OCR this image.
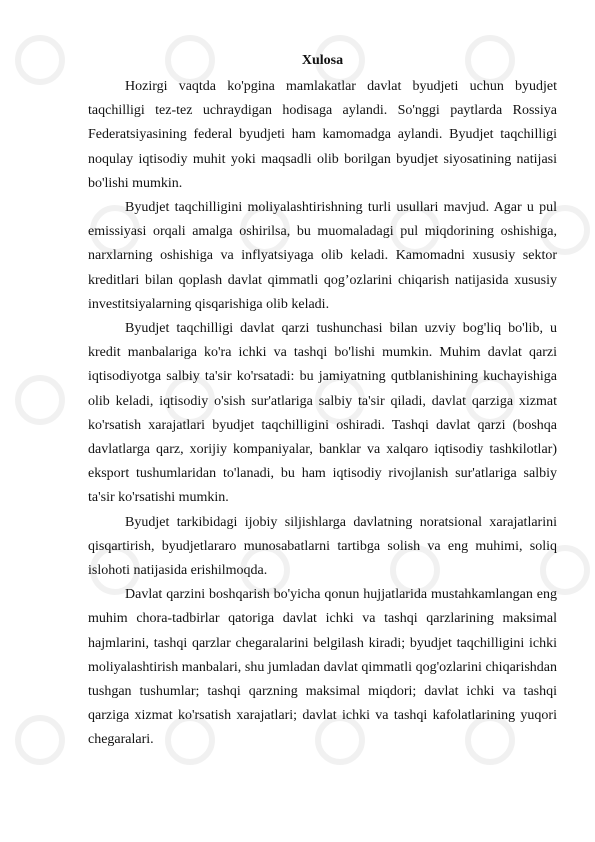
Xulosa

Hozirgi vaqtda ko'pgina mamlakatlar davlat byudjeti uchun byudjet taqchilligi tez-tez uchraydigan hodisaga aylandi. So'nggi paytlarda Rossiya Federatsiyasining federal byudjeti ham kamomadga aylandi. Byudjet taqchilligi noqulay iqtisodiy muhit yoki maqsadli olib borilgan byudjet siyosatining natijasi bo'lishi mumkin.

Byudjet taqchilligini moliyalashtirishning turli usullari mavjud. Agar u pul emissiyasi orqali amalga oshirilsa, bu muomaladagi pul miqdorining oshishiga, narxlarning oshishiga va inflyatsiyaga olib keladi. Kamomadni xususiy sektor kreditlari bilan qoplash davlat qimmatli qog’ozlarini chiqarish natijasida xususiy investitsiyalarning qisqarishiga olib keladi.

Byudjet taqchilligi davlat qarzi tushunchasi bilan uzviy bog'liq bo'lib, u kredit manbalariga ko'ra ichki va tashqi bo'lishi mumkin. Muhim davlat qarzi iqtisodiyotga salbiy ta'sir ko'rsatadi: bu jamiyatning qutblanishining kuchayishiga olib keladi, iqtisodiy o'sish sur'atlariga salbiy ta'sir qiladi, davlat qarziga xizmat ko'rsatish xarajatlari byudjet taqchilligini oshiradi. Tashqi davlat qarzi (boshqa davlatlarga qarz, xorijiy kompaniyalar, banklar va xalqaro iqtisodiy tashkilotlar) eksport tushumlaridan to'lanadi, bu ham iqtisodiy rivojlanish sur'atlariga salbiy ta'sir ko'rsatishi mumkin.

Byudjet tarkibidagi ijobiy siljishlarga davlatning noratsional xarajatlarini qisqartirish, byudjetlararo munosabatlarni tartibga solish va eng muhimi, soliq islohoti natijasida erishilmoqda.

Davlat qarzini boshqarish bo'yicha qonun hujjatlarida mustahkamlangan eng muhim chora-tadbirlar qatoriga davlat ichki va tashqi qarzlarining maksimal hajmlarini, tashqi qarzlar chegaralarini belgilash kiradi; byudjet taqchilligini ichki moliyalashtirish manbalari, shu jumladan davlat qimmatli qog'ozlarini chiqarishdan tushgan tushumlar; tashqi qarzning maksimal miqdori; davlat ichki va tashqi qarziga xizmat ko'rsatish xarajatlari; davlat ichki va tashqi kafolatlarining yuqori chegaralari.
